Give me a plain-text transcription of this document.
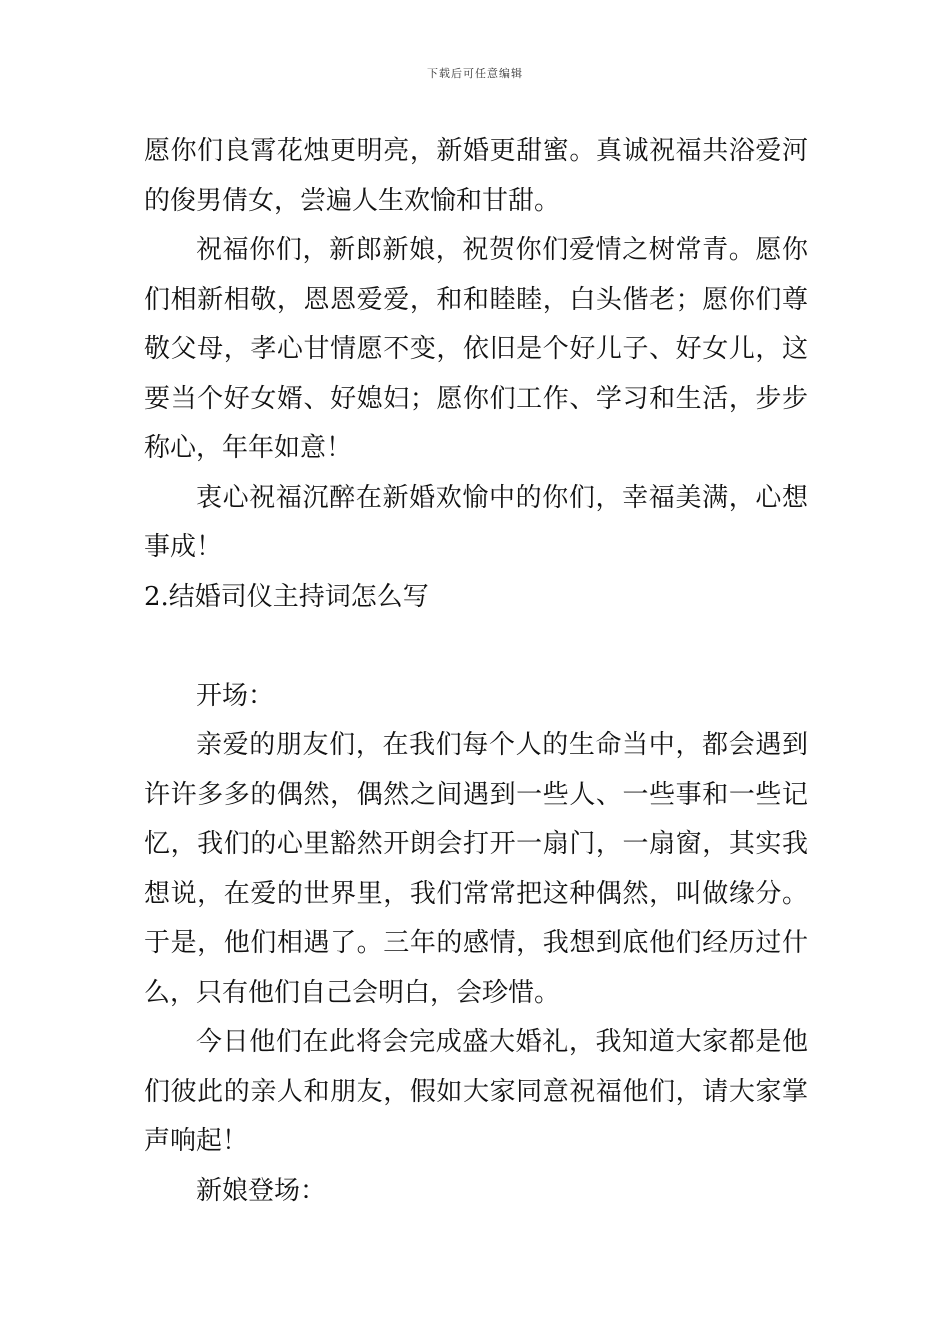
下载后可任意编辑

愿你们良霄花烛更明亮，新婚更甜蜜。真诚祝福共浴爱河的俊男倩女，尝遍人生欢愉和甘甜。

祝福你们，新郎新娘，祝贺你们爱情之树常青。愿你们相新相敬，恩恩爱爱，和和睦睦，白头偕老；愿你们尊敬父母，孝心甘情愿不变，依旧是个好儿子、好女儿，这要当个好女婿、好媳妇；愿你们工作、学习和生活，步步称心，年年如意！

衷心祝福沉醉在新婚欢愉中的你们，幸福美满，心想事成！

2.结婚司仪主持词怎么写

开场：

亲爱的朋友们，在我们每个人的生命当中，都会遇到许许多多的偶然，偶然之间遇到一些人、一些事和一些记忆，我们的心里豁然开朗会打开一扇门，一扇窗，其实我想说，在爱的世界里，我们常常把这种偶然，叫做缘分。于是，他们相遇了。三年的感情，我想到底他们经历过什么，只有他们自己会明白，会珍惜。

今日他们在此将会完成盛大婚礼，我知道大家都是他们彼此的亲人和朋友，假如大家同意祝福他们，请大家掌声响起！

新娘登场：
